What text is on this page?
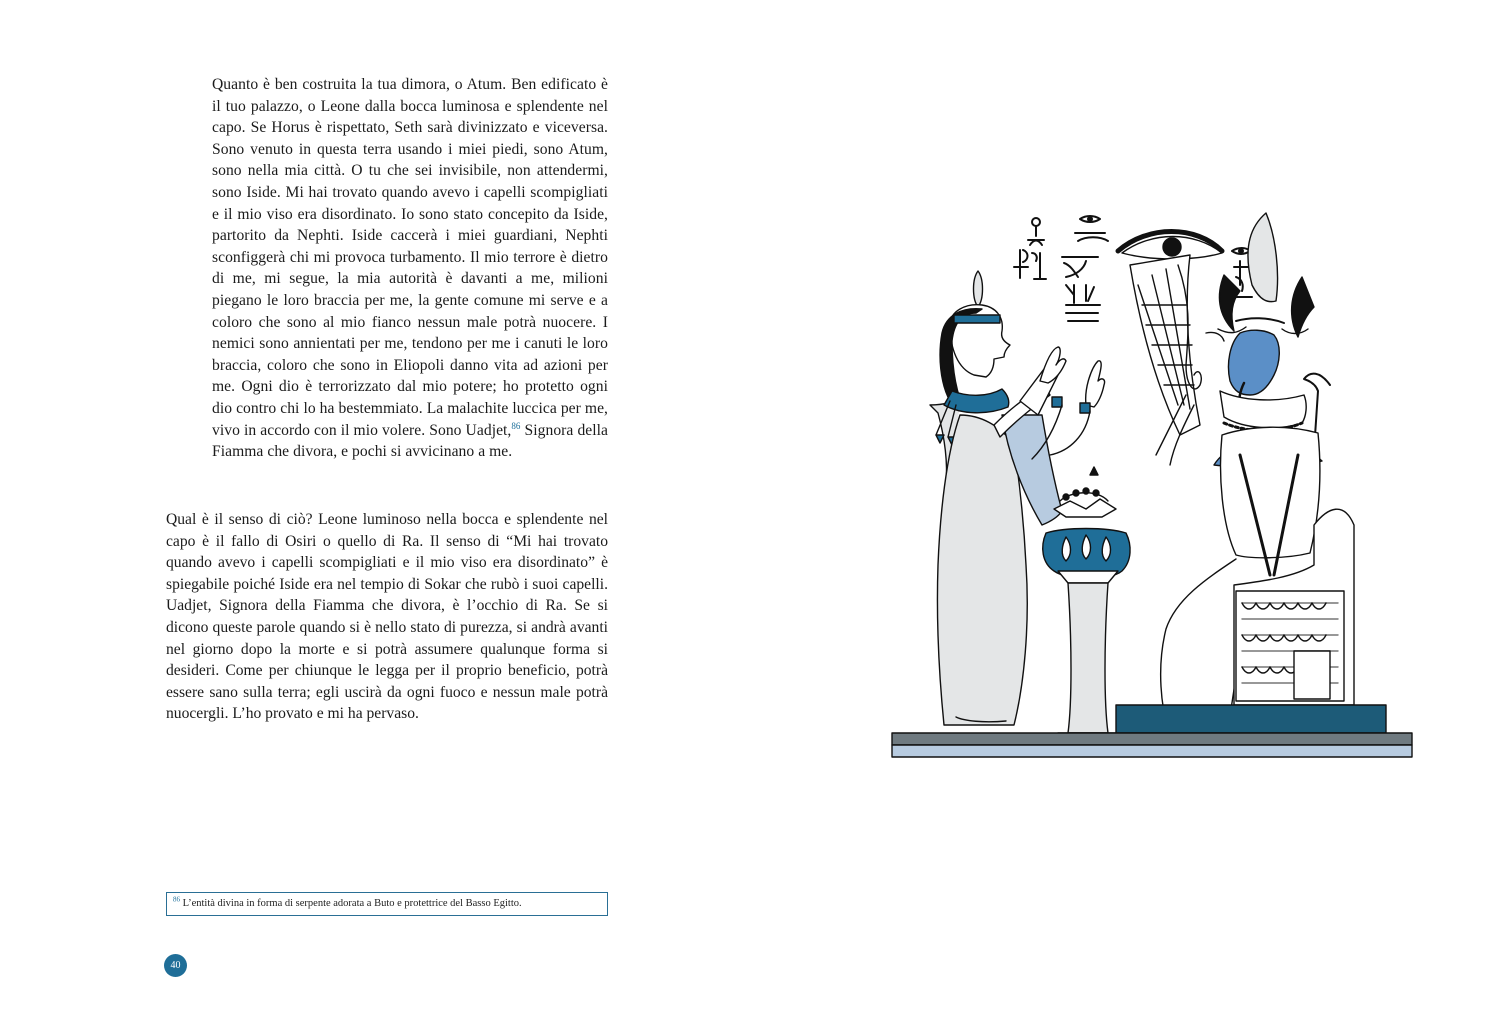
Quanto è ben costruita la tua dimora, o Atum. Ben edificato è il tuo palazzo, o Leone dalla bocca luminosa e splendente nel capo. Se Horus è rispettato, Seth sarà divinizzato e viceversa. Sono venuto in questa terra usando i miei piedi, sono Atum, sono nella mia città. O tu che sei invisibile, non attendermi, sono Iside. Mi hai trovato quando avevo i capelli scompigliati e il mio viso era disordinato. Io sono stato concepito da Iside, partorito da Nephti. Iside caccerà i miei guardiani, Nephti sconfiggerà chi mi provoca turbamento. Il mio terrore è dietro di me, mi segue, la mia autorità è davanti a me, milioni piegano le loro braccia per me, la gente comune mi serve e a coloro che sono al mio fianco nessun male potrà nuocere. I nemici sono annientati per me, tendono per me i canuti le loro braccia, coloro che sono in Eliopoli danno vita ad azioni per me. Ogni dio è terrorizzato dal mio potere; ho protetto ogni dio contro chi lo ha bestemmiato. La malachite luccica per me, vivo in accordo con il mio volere. Sono Uadjet,$^{86}$ Signora della Fiamma che divora, e pochi si avvicinano a me.
Qual è il senso di ciò? Leone luminoso nella bocca e splendente nel capo è il fallo di Osiri o quello di Ra. Il senso di “Mi hai trovato quando avevo i capelli scompigliati e il mio viso era disordinato” è spiegabile poiché Iside era nel tempio di Sokar che rubò i suoi capelli. Uadjet, Signora della Fiamma che divora, è l’occhio di Ra. Se si dicono queste parole quando si è nello stato di purezza, si andrà avanti nel giorno dopo la morte e si potrà assumere qualunque forma si desideri. Come per chiunque le legga per il proprio beneficio, potrà essere sano sulla terra; egli uscirà da ogni fuoco e nessun male potrà nuocergli. L’ho provato e mi ha pervaso.
$^{86}$ L’entità divina in forma di serpente adorata a Buto e protettrice del Basso Egitto.
40
